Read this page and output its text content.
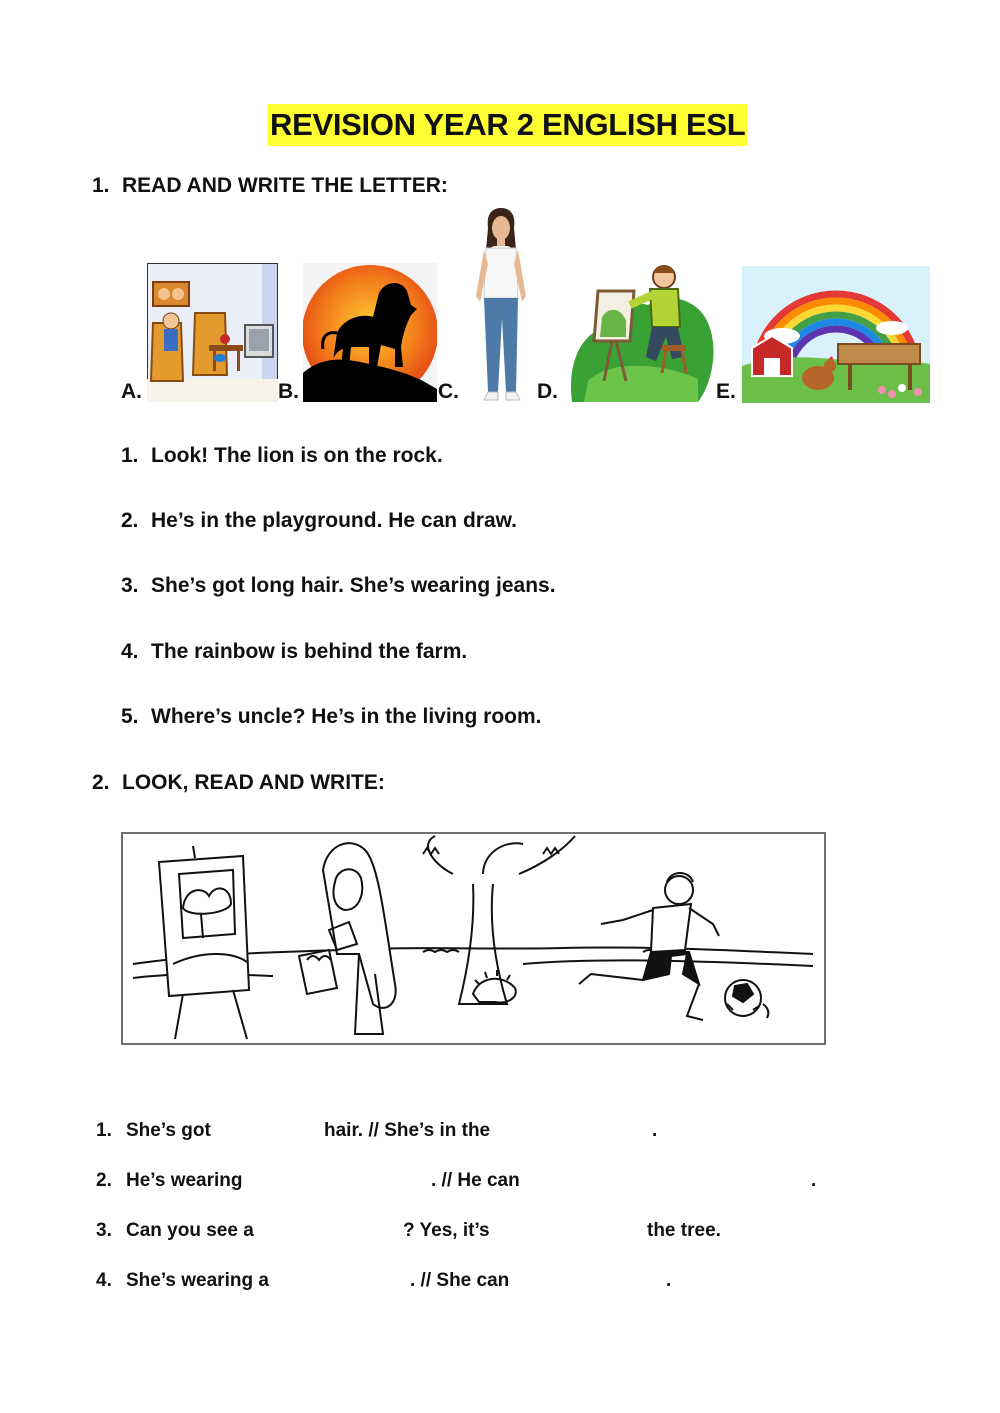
REVISION YEAR 2 ENGLISH ESL
1. READ AND WRITE THE LETTER:
A.	B.	C.	D.	E.
1. Look! The lion is on the rock.
2. He’s in the playground. He can draw.
3. She’s got long hair. She’s wearing jeans.
4. The rainbow is behind the farm.
5. Where’s uncle? He’s in the living room.
2. LOOK, READ AND WRITE:
1. She’s got	hair. // She’s in the	.
2. He’s wearing	. // He can	.
3. Can you see a	? Yes, it’s	the tree.
4. She’s wearing a	. // She can	.
